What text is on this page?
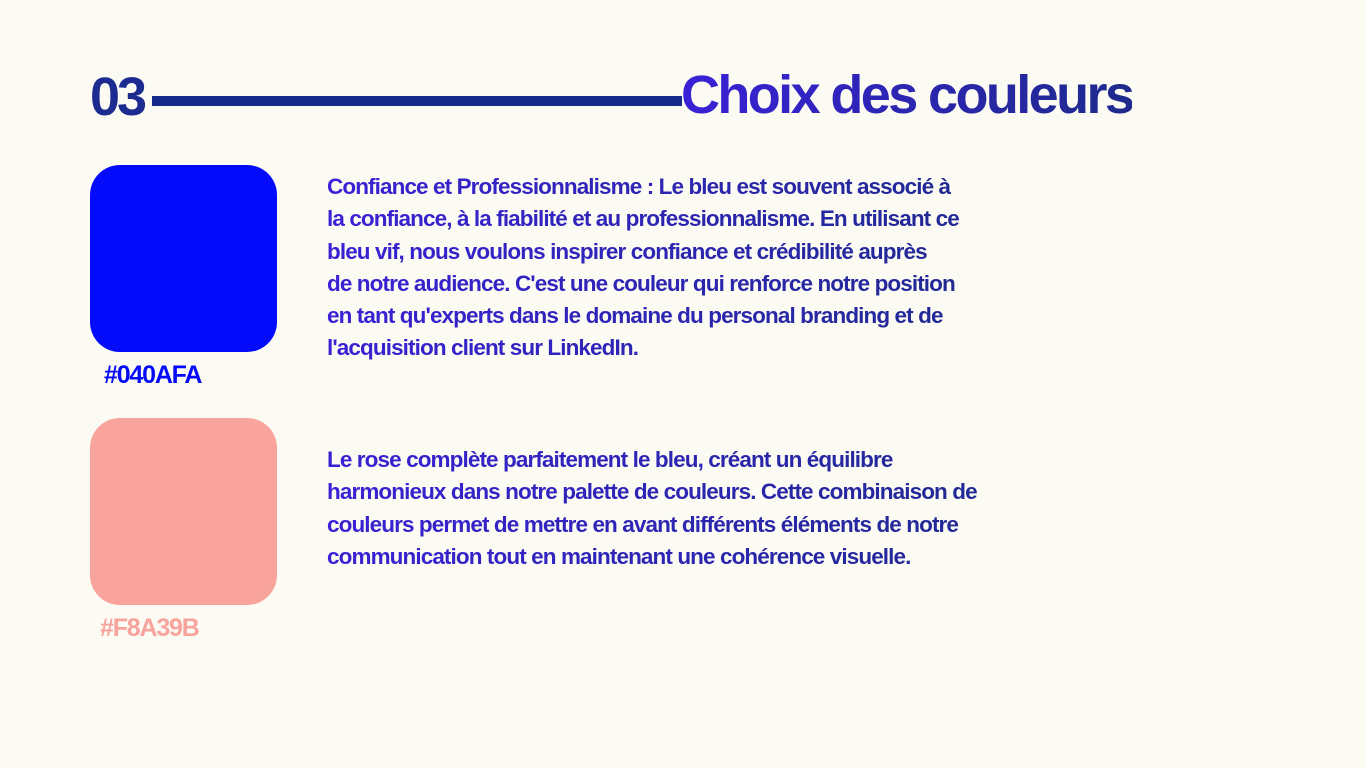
03	Choix des couleurs
#040AFA
Confiance et Professionnalisme : Le bleu est souvent associé à
la confiance, à la fiabilité et au professionnalisme. En utilisant ce
bleu vif, nous voulons inspirer confiance et crédibilité auprès
de notre audience. C'est une couleur qui renforce notre position
en tant qu'experts dans le domaine du personal branding et de
l'acquisition client sur LinkedIn.
#F8A39B
Le rose complète parfaitement le bleu, créant un équilibre
harmonieux dans notre palette de couleurs. Cette combinaison de
couleurs permet de mettre en avant différents éléments de notre
communication tout en maintenant une cohérence visuelle.
